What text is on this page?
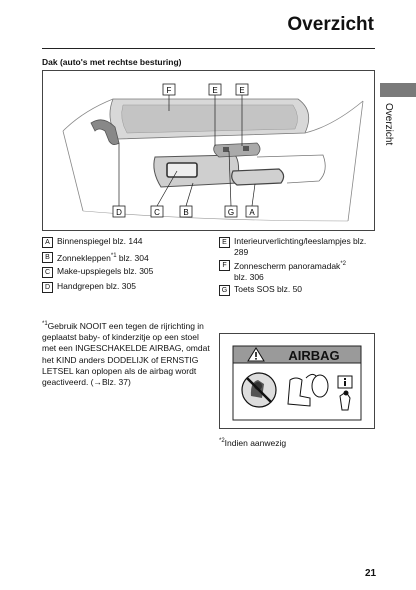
Overzicht
Overzicht
Dak (auto's met rechtse besturing)
F	E	E
D	C	B	G A
A Binnenspiegel blz. 144
B Zonnekleppen$^{*1}$ blz. 304
C Make-upspiegels blz. 305
D Handgrepen blz. 305
E Interieurverlichting/leeslampjes blz. 289
F Zonnescherm panoramadak$^{*2}$
blz. 306
G Toets SOS blz. 50
$^{*1}$Gebruik NOOIT een tegen de rijrichting in geplaatst baby- of kinderzitje op een stoel met een INGESCHAKELDE AIRBAG, omdat het KIND anders DODELIJK of ERNSTIG LETSEL kan oplopen als de airbag wordt geactiveerd. (→Blz. 37)
AIRBAG
$^{*2}$Indien aanwezig
21
